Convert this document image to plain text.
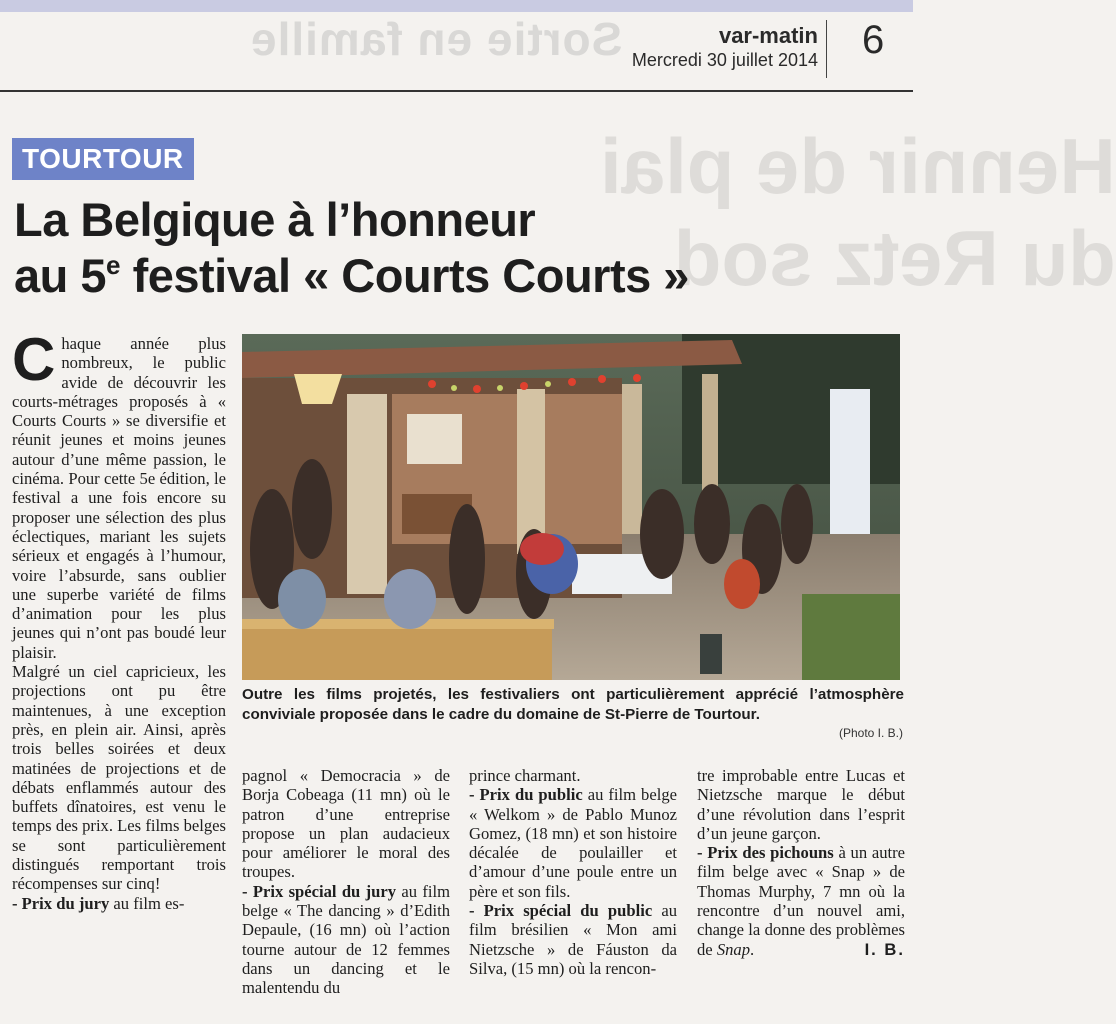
Sortie en famille
Hennir de plai
du Retz sod
var-matin
Mercredi 30 juillet 2014 6
TOURTOUR
La Belgique à l’honneur
au 5e festival « Courts Courts »

Chaque année plus nombreux, le public avide de découvrir les courts-métrages proposés à « Courts Courts » se diversifie et réunit jeunes et moins jeunes autour d’une même passion, le cinéma. Pour cette 5e édition, le festival a une fois encore su proposer une sélection des plus éclectiques, mariant les sujets sérieux et engagés à l’humour, voire l’absurde, sans oublier une superbe variété de films d’animation pour les plus jeunes qui n’ont pas boudé leur plaisir.

Malgré un ciel capricieux, les projections ont pu être maintenues, à une exception près, en plein air. Ainsi, après trois belles soirées et deux matinées de projections et de débats enflammés autour des buffets dînatoires, est venu le temps des prix. Les films belges se sont particulièrement distingués remportant trois récompenses sur cinq!

- Prix du jury au film es-

Outre les films projetés, les festivaliers ont particulièrement apprécié l’atmosphère conviviale proposée dans le cadre du domaine de St-Pierre de Tourtour.
(Photo I. B.)

pagnol « Democracia » de Borja Cobeaga (11 mn) où le patron d’une entreprise propose un plan audacieux pour améliorer le moral des troupes.

- Prix spécial du jury au film belge « The dancing » d’Edith Depaule, (16 mn) où l’action tourne autour de 12 femmes dans un dancing et le malentendu du

prince charmant.

- Prix du public au film belge « Welkom » de Pablo Munoz Gomez, (18 mn) et son histoire décalée de poulailler et d’amour d’une poule entre un père et son fils.

- Prix spécial du public au film brésilien « Mon ami Nietzsche » de Fáuston da Silva, (15 mn) où la rencon-

tre improbable entre Lucas et Nietzsche marque le début d’une révolution dans l’esprit d’un jeune garçon.

- Prix des pichouns à un autre film belge avec « Snap » de Thomas Murphy, 7 mn où la rencontre d’un nouvel ami, change la donne des problèmes de Snap.	I. B.
